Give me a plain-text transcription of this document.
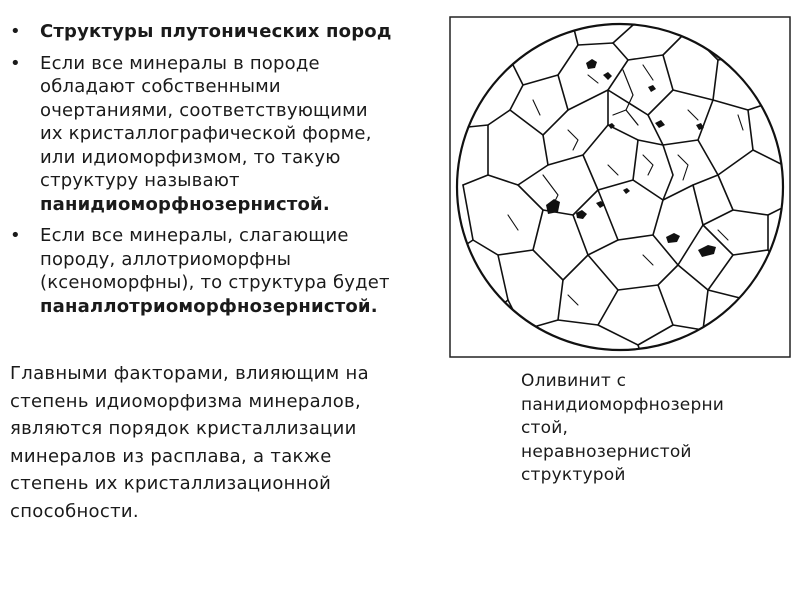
• Структуры плутонических пород
• Если все минералы в породе
обладают собственными
очертаниями, соответствующими
их кристаллографической форме,
или идиоморфизмом, то такую
структуру называют
панидиоморфнозернистой.
• Если все минералы, слагающие
породу, аллотриоморфны
(ксеноморфны), то структура будет
паналлотриоморфнозернистой.

Главными факторами, влияющим на
степень идиоморфизма минералов,
являются порядок кристаллизации
минералов из расплава, а также
степень их кристаллизационной
способности.

Оливинит с
панидиоморфнозерни
стой,
неравнозернистой
структурой
